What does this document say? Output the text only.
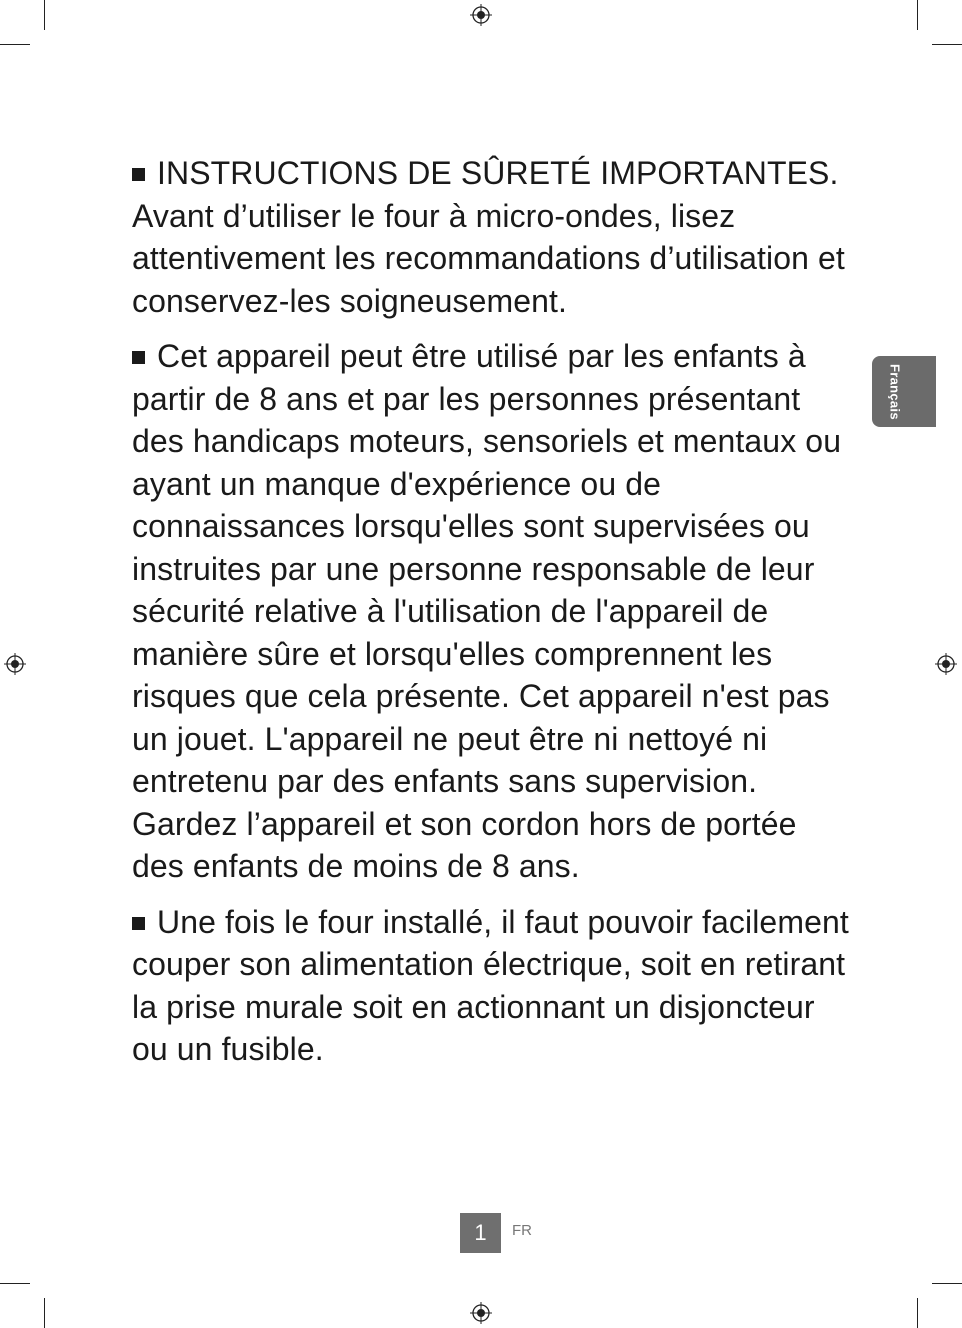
INSTRUCTIONS DE SÛRETÉ IMPORTANTES. Avant d’utiliser le four à micro-ondes, lisez attentivement les recommandations d’utilisation et conservez-les soigneusement.

Cet appareil peut être utilisé par les enfants à partir de 8 ans et par les personnes présentant des handicaps moteurs, sensoriels et mentaux ou ayant un manque d'expérience ou de connaissances lorsqu'elles sont supervisées ou instruites par une personne responsable de leur sécurité relative à l'utilisation de l'appareil de manière sûre et lorsqu'elles comprennent les risques que cela présente. Cet appareil n'est pas un jouet. L'appareil ne peut être ni nettoyé ni entretenu par des enfants sans supervision. Gardez l’appareil et son cordon hors de portée des enfants de moins de 8 ans.

Une fois le four installé, il faut pouvoir facilement couper son alimentation électrique, soit en retirant la prise murale soit en actionnant un disjoncteur ou un fusible.

Français
1	FR
